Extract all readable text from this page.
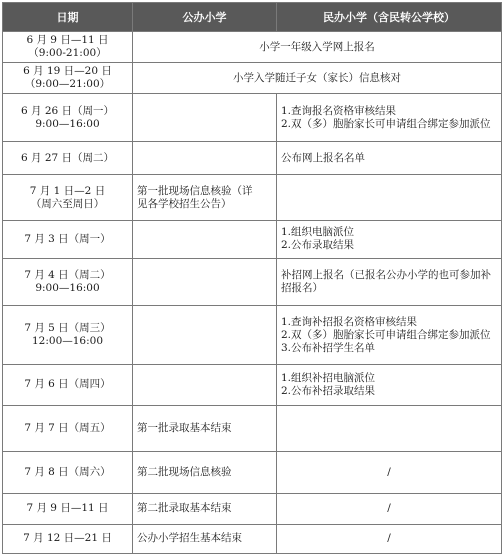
日期	公办小学	民办小学（含民转公学校）

6 月 9 日—11 日
（9:00-21:00）	小学一年级入学网上报名	

6 月 19 日—20 日
（9:00—21:00）	小学入学随迁子女（家长）信息核对	

6 月 26 日（周一）
9:00—16:00		1.查询报名资格审核结果
2.双（多）胞胎家长可申请组合绑定参加派位

6 月 27 日（周二）		公布网上报名名单

7 月 1 日—2 日
（周六至周日）	第一批现场信息核验（详
见各学校招生公告）	

7 月 3 日（周一）		1.组织电脑派位
2.公布录取结果

7 月 4 日（周二）
9:00—16:00		补招网上报名（已报名公办小学的也可参加补招报名）

7 月 5 日（周三）
12:00—16:00		1.查询补招报名资格审核结果
2.双（多）胞胎家长可申请组合绑定参加派位
3.公布补招学生名单

7 月 6 日（周四）		1.组织补招电脑派位
2.公布补招录取结果

7 月 7 日（周五）	第一批录取基本结束	

7 月 8 日（周六）	第二批现场信息核验	/

7 月 9 日—11 日	第二批录取基本结束	/

7 月 12 日—21 日	公办小学招生基本结束	/
